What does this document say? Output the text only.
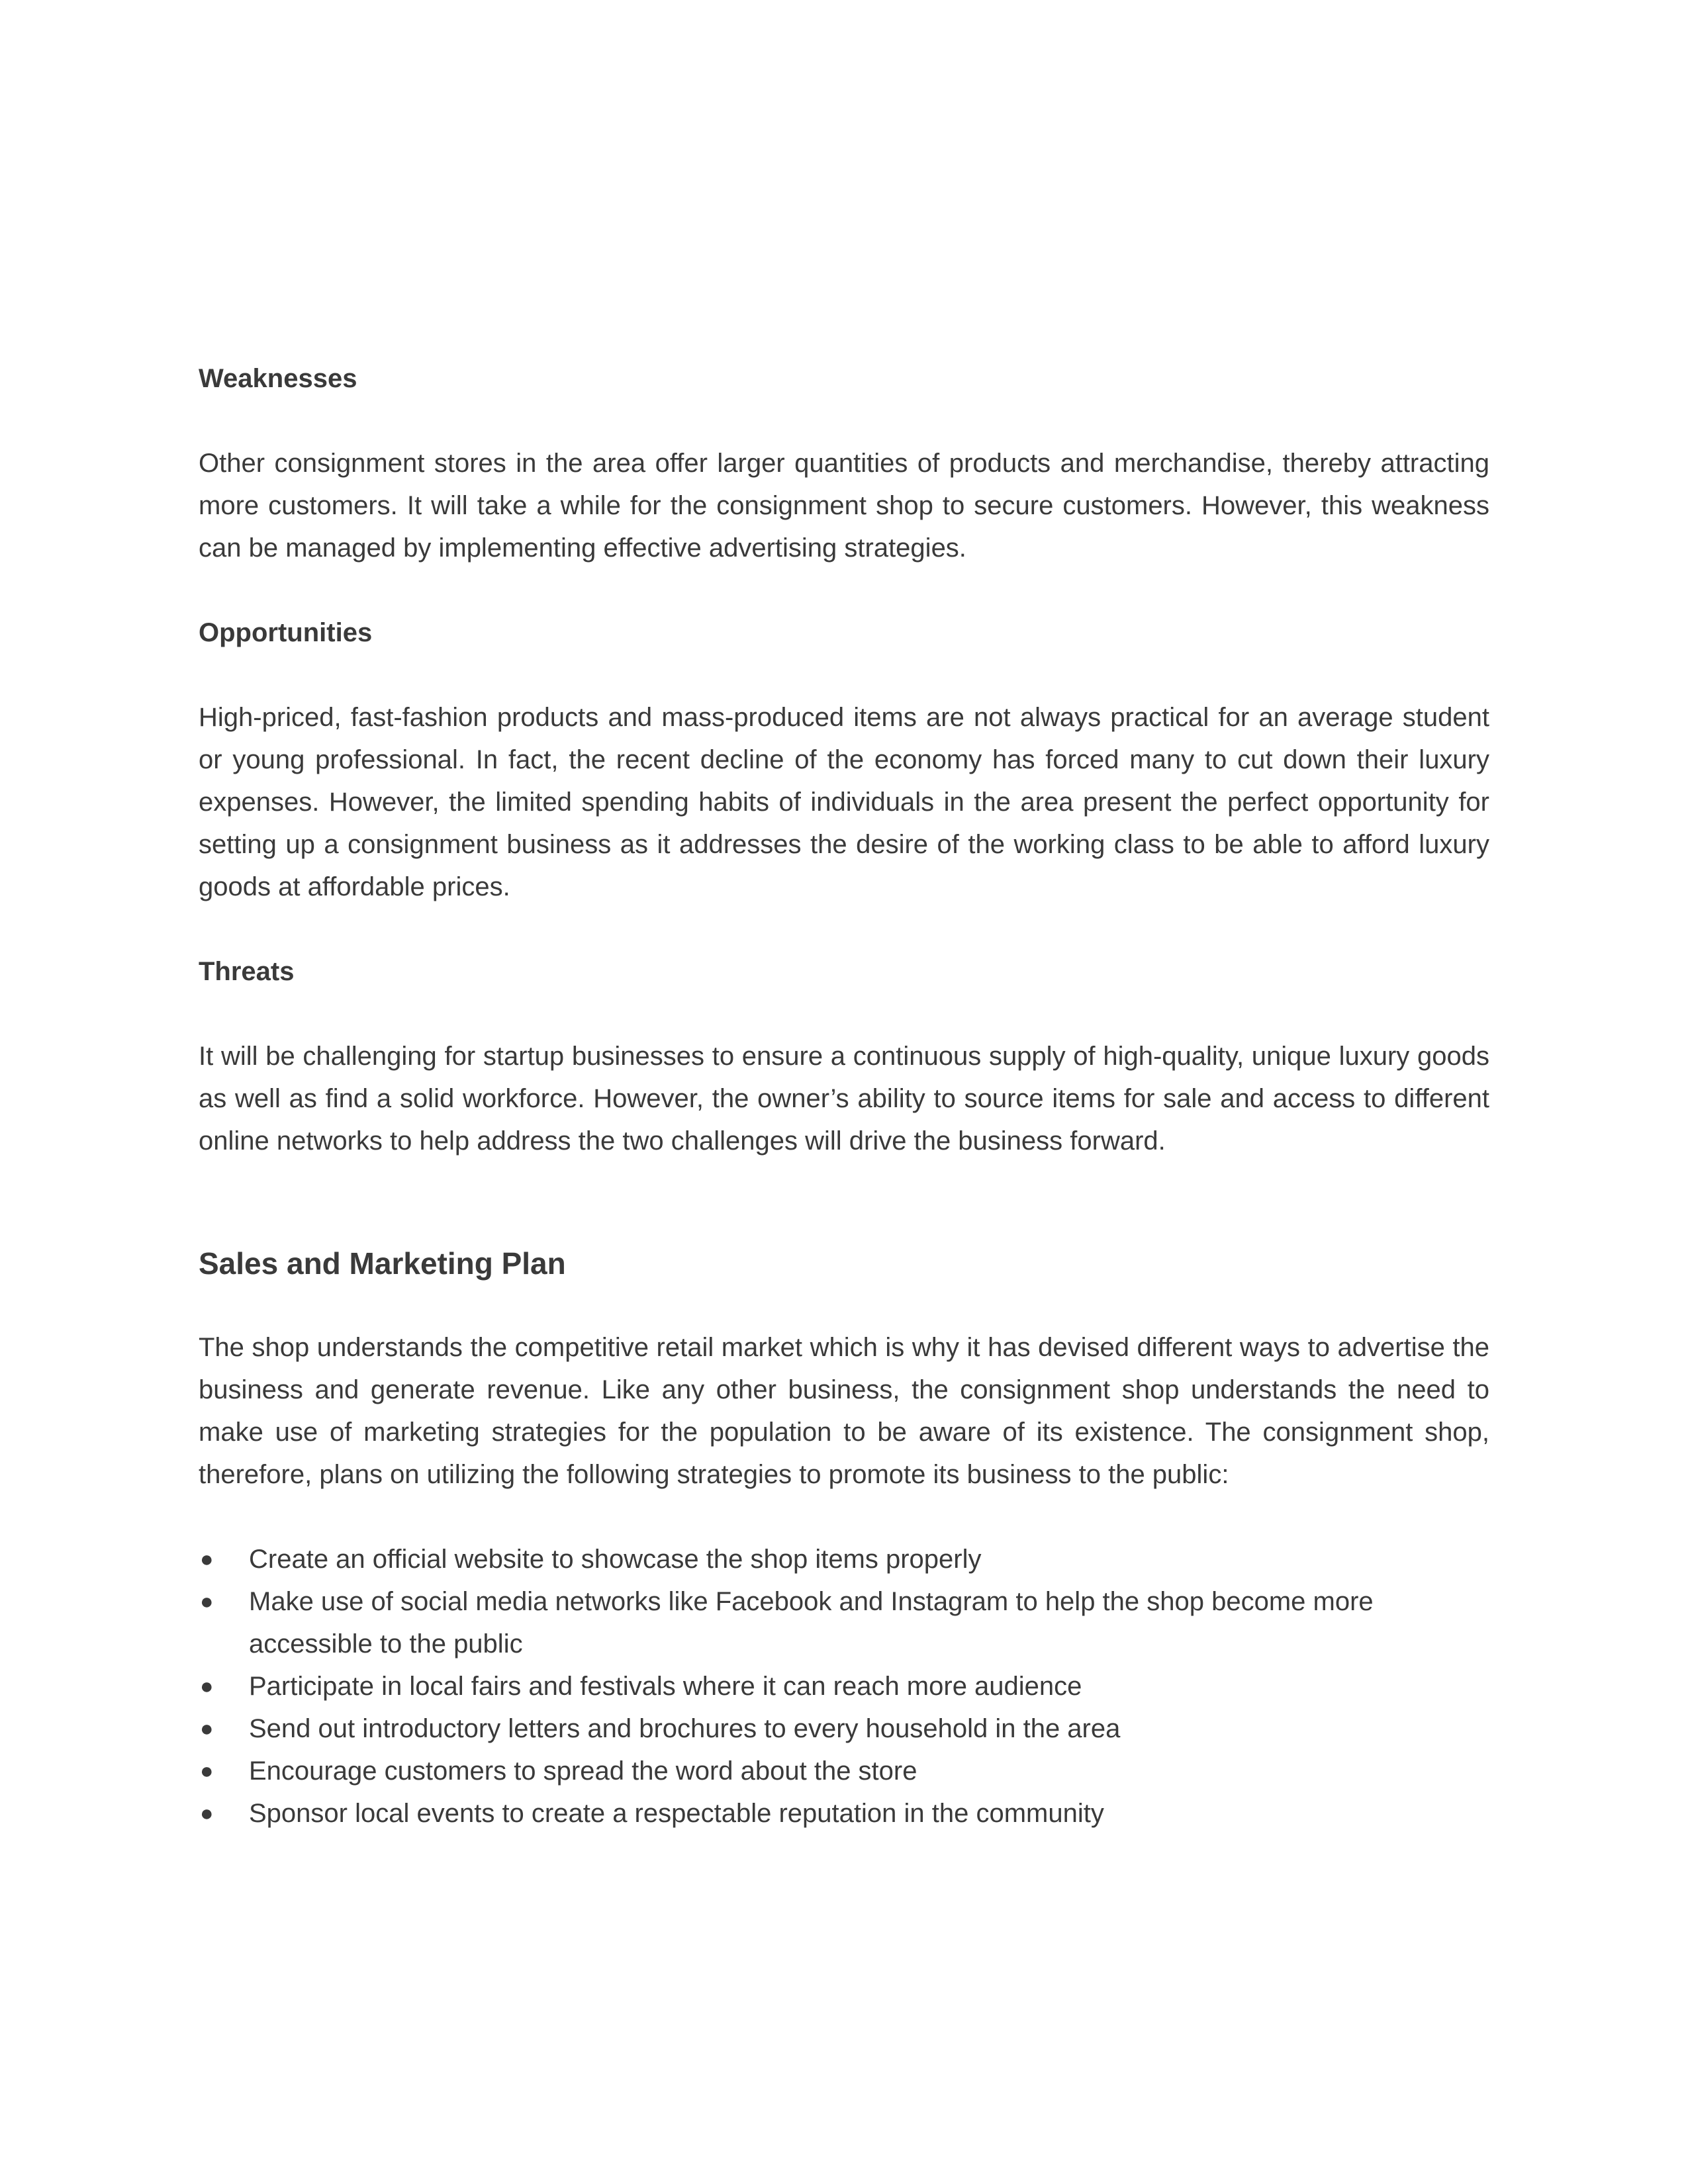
Weaknesses

Other consignment stores in the area offer larger quantities of products and merchandise, thereby attracting more customers. It will take a while for the consignment shop to secure customers. However, this weakness can be managed by implementing effective advertising strategies.

Opportunities

High-priced, fast-fashion products and mass-produced items are not always practical for an average student or young professional. In fact, the recent decline of the economy has forced many to cut down their luxury expenses. However, the limited spending habits of individuals in the area present the perfect opportunity for setting up a consignment business as it addresses the desire of the working class to be able to afford luxury goods at affordable prices.

Threats

It will be challenging for startup businesses to ensure a continuous supply of high-quality, unique luxury goods as well as find a solid workforce. However, the owner’s ability to source items for sale and access to different online networks to help address the two challenges will drive the business forward.

Sales and Marketing Plan

The shop understands the competitive retail market which is why it has devised different ways to advertise the business and generate revenue. Like any other business, the consignment shop understands the need to make use of marketing strategies for the population to be aware of its existence. The consignment shop, therefore, plans on utilizing the following strategies to promote its business to the public:

● Create an official website to showcase the shop items properly
● Make use of social media networks like Facebook and Instagram to help the shop become more accessible to the public
● Participate in local fairs and festivals where it can reach more audience
● Send out introductory letters and brochures to every household in the area
● Encourage customers to spread the word about the store
● Sponsor local events to create a respectable reputation in the community
